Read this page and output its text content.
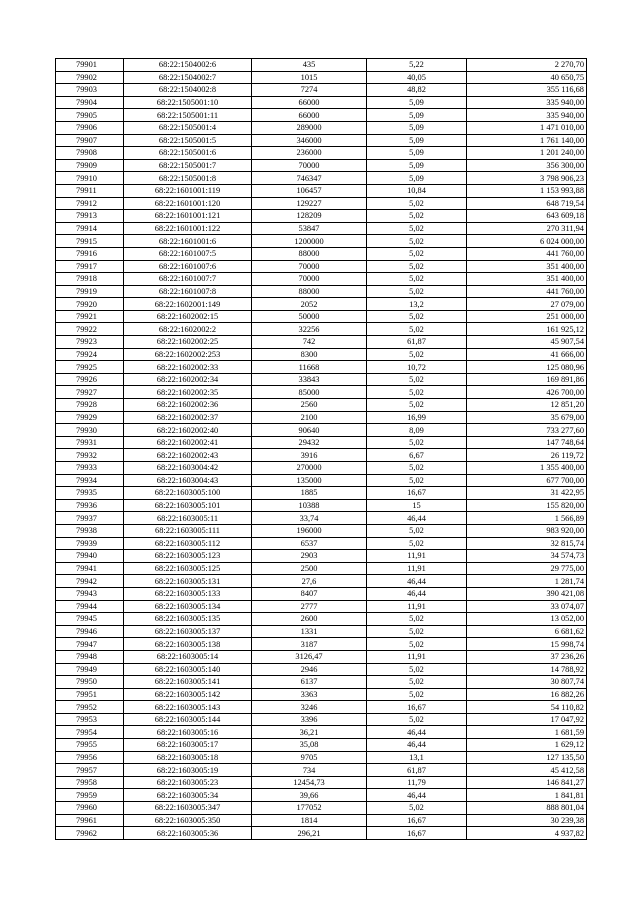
79901	68:22:1504002:6	435	5,22	2 270,70
79902	68:22:1504002:7	1015	40,05	40 650,75
79903	68:22:1504002:8	7274	48,82	355 116,68
79904	68:22:1505001:10	66000	5,09	335 940,00
79905	68:22:1505001:11	66000	5,09	335 940,00
79906	68:22:1505001:4	289000	5,09	1 471 010,00
79907	68:22:1505001:5	346000	5,09	1 761 140,00
79908	68:22:1505001:6	236000	5,09	1 201 240,00
79909	68:22:1505001:7	70000	5,09	356 300,00
79910	68:22:1505001:8	746347	5,09	3 798 906,23
79911	68:22:1601001:119	106457	10,84	1 153 993,88
79912	68:22:1601001:120	129227	5,02	648 719,54
79913	68:22:1601001:121	128209	5,02	643 609,18
79914	68:22:1601001:122	53847	5,02	270 311,94
79915	68:22:1601001:6	1200000	5,02	6 024 000,00
79916	68:22:1601007:5	88000	5,02	441 760,00
79917	68:22:1601007:6	70000	5,02	351 400,00
79918	68:22:1601007:7	70000	5,02	351 400,00
79919	68:22:1601007:8	88000	5,02	441 760,00
79920	68:22:1602001:149	2052	13,2	27 079,00
79921	68:22:1602002:15	50000	5,02	251 000,00
79922	68:22:1602002:2	32256	5,02	161 925,12
79923	68:22:1602002:25	742	61,87	45 907,54
79924	68:22:1602002:253	8300	5,02	41 666,00
79925	68:22:1602002:33	11668	10,72	125 080,96
79926	68:22:1602002:34	33843	5,02	169 891,86
79927	68:22:1602002:35	85000	5,02	426 700,00
79928	68:22:1602002:36	2560	5,02	12 851,20
79929	68:22:1602002:37	2100	16,99	35 679,00
79930	68:22:1602002:40	90640	8,09	733 277,60
79931	68:22:1602002:41	29432	5,02	147 748,64
79932	68:22:1602002:43	3916	6,67	26 119,72
79933	68:22:1603004:42	270000	5,02	1 355 400,00
79934	68:22:1603004:43	135000	5,02	677 700,00
79935	68:22:1603005:100	1885	16,67	31 422,95
79936	68:22:1603005:101	10388	15	155 820,00
79937	68:22:1603005:11	33,74	46,44	1 566,89
79938	68:22:1603005:111	196000	5,02	983 920,00
79939	68:22:1603005:112	6537	5,02	32 815,74
79940	68:22:1603005:123	2903	11,91	34 574,73
79941	68:22:1603005:125	2500	11,91	29 775,00
79942	68:22:1603005:131	27,6	46,44	1 281,74
79943	68:22:1603005:133	8407	46,44	390 421,08
79944	68:22:1603005:134	2777	11,91	33 074,07
79945	68:22:1603005:135	2600	5,02	13 052,00
79946	68:22:1603005:137	1331	5,02	6 681,62
79947	68:22:1603005:138	3187	5,02	15 998,74
79948	68:22:1603005:14	3126,47	11,91	37 236,26
79949	68:22:1603005:140	2946	5,02	14 788,92
79950	68:22:1603005:141	6137	5,02	30 807,74
79951	68:22:1603005:142	3363	5,02	16 882,26
79952	68:22:1603005:143	3246	16,67	54 110,82
79953	68:22:1603005:144	3396	5,02	17 047,92
79954	68:22:1603005:16	36,21	46,44	1 681,59
79955	68:22:1603005:17	35,08	46,44	1 629,12
79956	68:22:1603005:18	9705	13,1	127 135,50
79957	68:22:1603005:19	734	61,87	45 412,58
79958	68:22:1603005:23	12454,73	11,79	146 841,27
79959	68:22:1603005:34	39,66	46,44	1 841,81
79960	68:22:1603005:347	177052	5,02	888 801,04
79961	68:22:1603005:350	1814	16,67	30 239,38
79962	68:22:1603005:36	296,21	16,67	4 937,82
